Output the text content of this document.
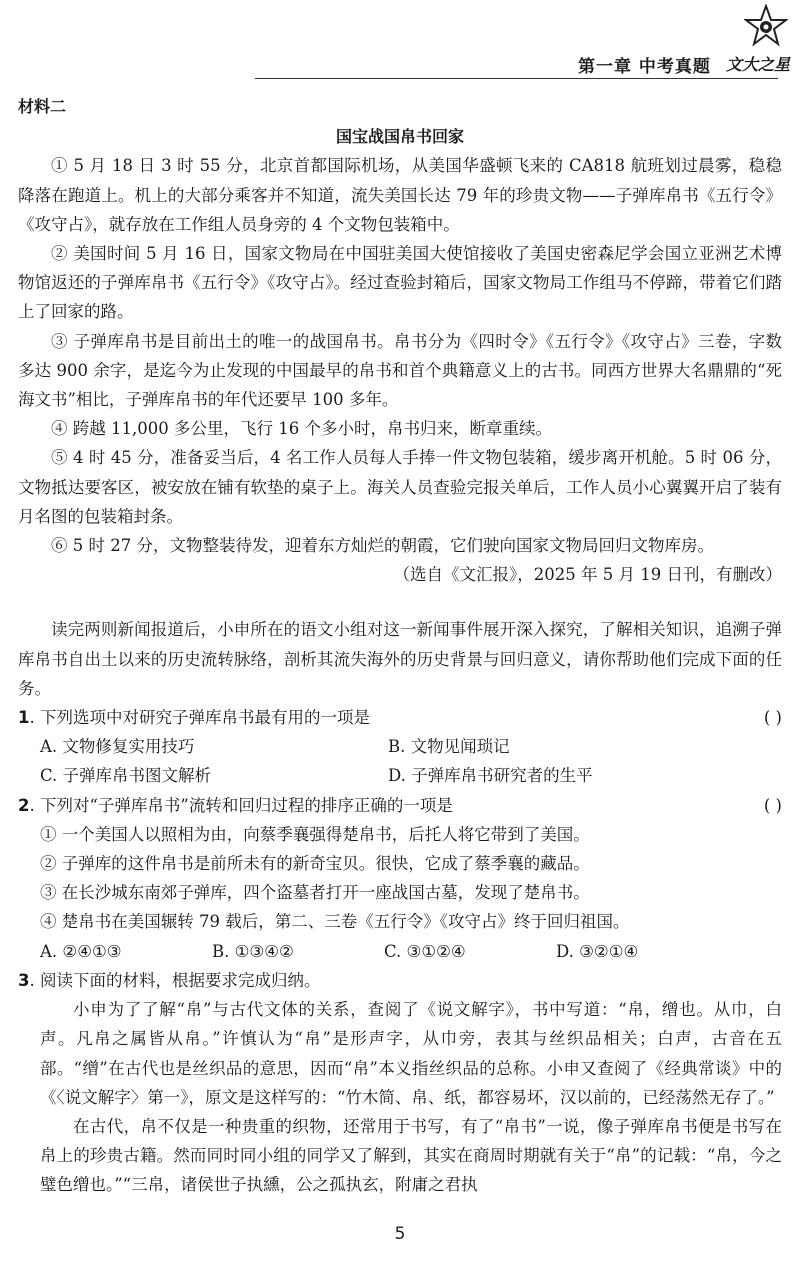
第一章 中考真题 文大之星
材料二
国宝战国帛书回家

① 5 月 18 日 3 时 55 分，北京首都国际机场，从美国华盛顿飞来的 CA818 航班划过晨雾，稳稳降落在跑道上。机上的大部分乘客并不知道，流失美国长达 79 年的珍贵文物——子弹库帛书《五行令》《攻守占》，就存放在工作组人员身旁的 4 个文物包装箱中。

② 美国时间 5 月 16 日，国家文物局在中国驻美国大使馆接收了美国史密森尼学会国立亚洲艺术博物馆返还的子弹库帛书《五行令》《攻守占》。经过查验封箱后，国家文物局工作组马不停蹄，带着它们踏上了回家的路。

③ 子弹库帛书是目前出土的唯一的战国帛书。帛书分为《四时令》《五行令》《攻守占》三卷，字数多达 900 余字，是迄今为止发现的中国最早的帛书和首个典籍意义上的古书。同西方世界大名鼎鼎的“死海文书”相比，子弹库帛书的年代还要早 100 多年。

④ 跨越 11,000 多公里，飞行 16 个多小时，帛书归来，断章重续。

⑤ 4 时 45 分，准备妥当后，4 名工作人员每人手捧一件文物包装箱，缓步离开机舱。5 时 06 分，文物抵达要客区，被安放在铺有软垫的桌子上。海关人员查验完报关单后，工作人员小心翼翼开启了装有月名图的包装箱封条。

⑥ 5 时 27 分，文物整装待发，迎着东方灿烂的朝霞，它们驶向国家文物局回归文物库房。

（选自《文汇报》，2025 年 5 月 19 日刊，有删改）

读完两则新闻报道后，小申所在的语文小组对这一新闻事件展开深入探究，了解相关知识，追溯子弹库帛书自出土以来的历史流转脉络，剖析其流失海外的历史背景与回归意义，请你帮助他们完成下面的任务。

1. 下列选项中对研究子弹库帛书最有用的一项是	( )

A. 文物修复实用技巧	B. 文物见闻琐记
C. 子弹库帛书图文解析	D. 子弹库帛书研究者的生平

2. 下列对“子弹库帛书”流转和回归过程的排序正确的一项是	( )

① 一个美国人以照相为由，向蔡季襄强得楚帛书，后托人将它带到了美国。

② 子弹库的这件帛书是前所未有的新奇宝贝。很快，它成了蔡季襄的藏品。

③ 在长沙城东南郊子弹库，四个盗墓者打开一座战国古墓，发现了楚帛书。

④ 楚帛书在美国辗转 79 载后，第二、三卷《五行令》《攻守占》终于回归祖国。

A. ②④①③	B. ①③④②	C. ③①②④	D. ③②①④

3. 阅读下面的材料，根据要求完成归纳。

小申为了了解“帛”与古代文体的关系，查阅了《说文解字》，书中写道：“帛，缯也。从巾，白声。凡帛之属皆从帛。”许慎认为“帛”是形声字，从巾旁，表其与丝织品相关；白声，古音在五部。“缯”在古代也是丝织品的意思，因而“帛”本义指丝织品的总称。小申又查阅了《经典常谈》中的《〈说文解字〉第一》，原文是这样写的：“竹木简、帛、纸，都容易坏，汉以前的，已经荡然无存了。”

在古代，帛不仅是一种贵重的织物，还常用于书写，有了“帛书”一说，像子弹库帛书便是书写在帛上的珍贵古籍。然而同时同小组的同学又了解到，其实在商周时期就有关于“帛”的记载：“帛，今之璧色缯也。”“三帛，诸侯世子执纁，公之孤执玄，附庸之君执

5
